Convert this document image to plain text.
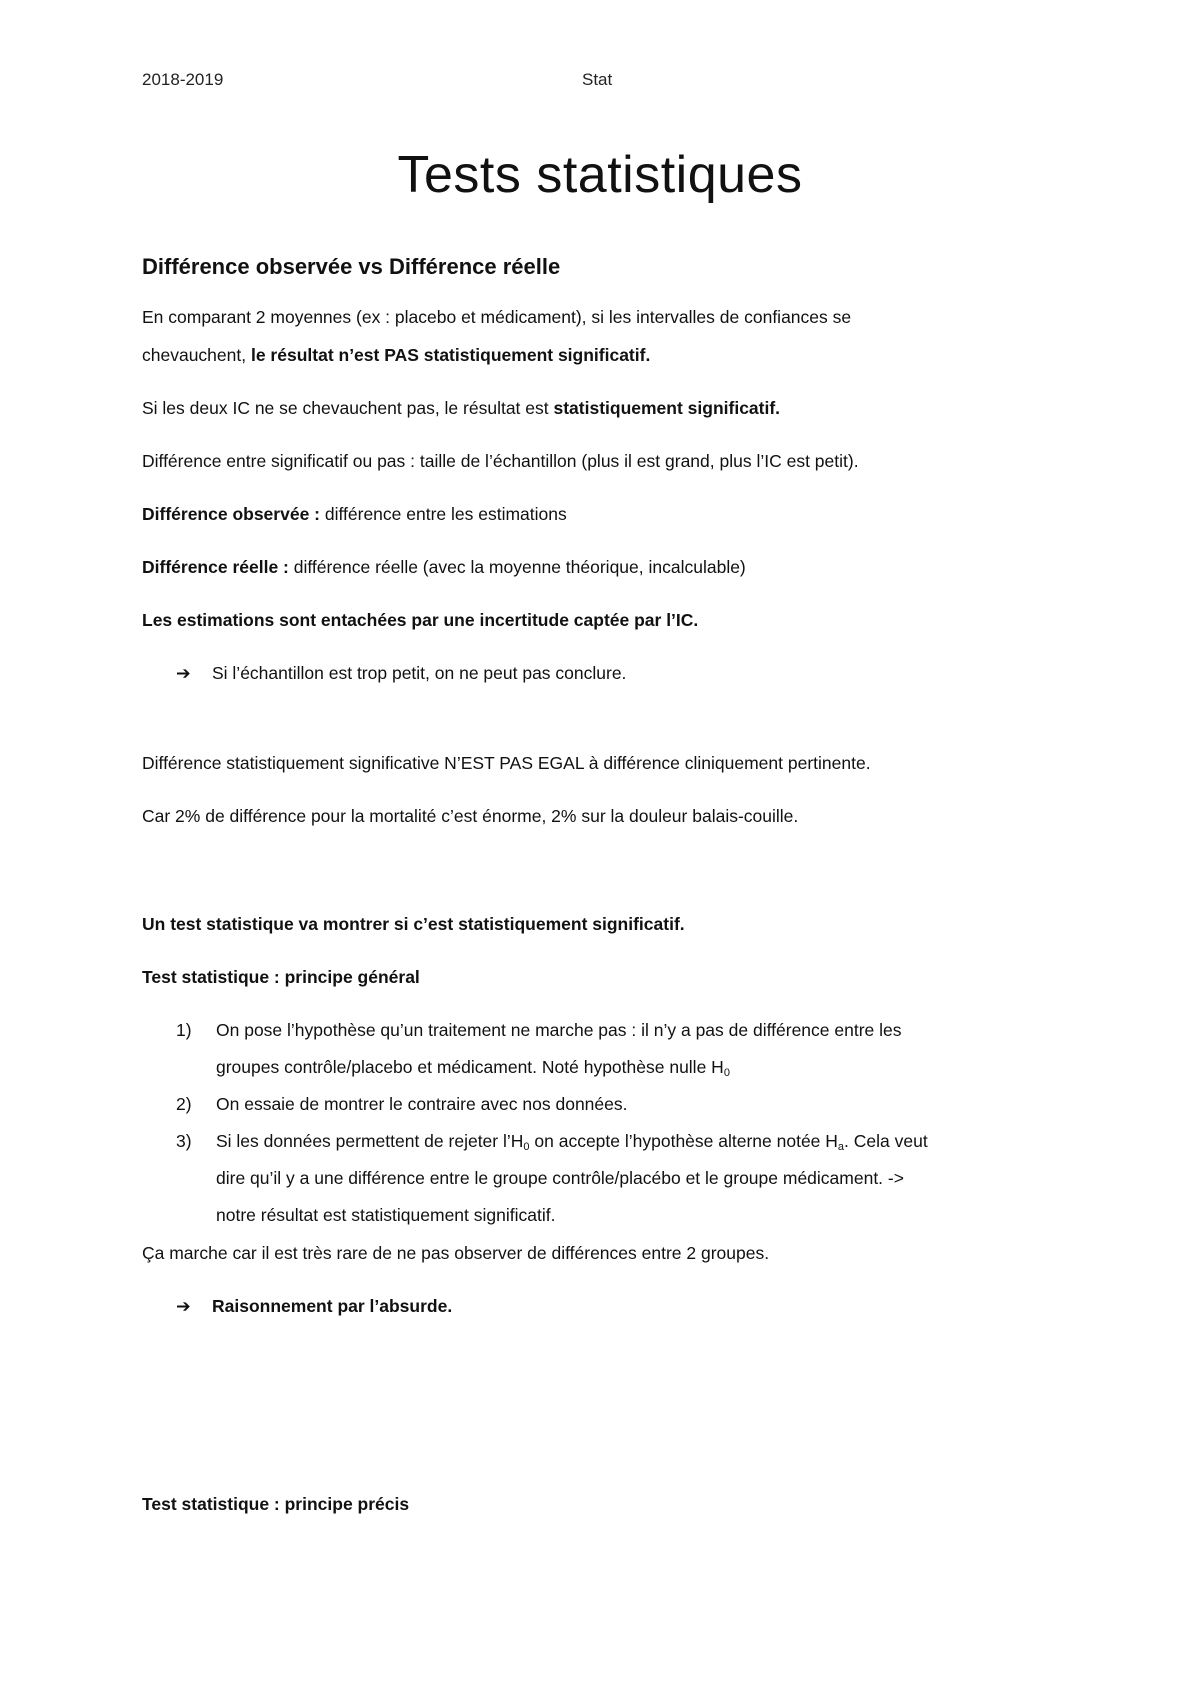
2018-2019	Stat
Tests statistiques

Différence observée vs Différence réelle

En comparant 2 moyennes (ex : placebo et médicament), si les intervalles de confiances se

chevauchent, le résultat n’est PAS statistiquement significatif.

Si les deux IC ne se chevauchent pas, le résultat est statistiquement significatif.

Différence entre significatif ou pas : taille de l’échantillon (plus il est grand, plus l’IC est petit).

Différence observée : différence entre les estimations

Différence réelle : différence réelle (avec la moyenne théorique, incalculable)

Les estimations sont entachées par une incertitude captée par l’IC.

➔ Si l’échantillon est trop petit, on ne peut pas conclure.

Différence statistiquement significative N’EST PAS EGAL à différence cliniquement pertinente.

Car 2% de différence pour la mortalité c’est énorme, 2% sur la douleur balais-couille.

Un test statistique va montrer si c’est statistiquement significatif.

Test statistique : principe général

1) On pose l’hypothèse qu’un traitement ne marche pas : il n’y a pas de différence entre les
groupes contrôle/placebo et médicament. Noté hypothèse nulle $H_0$
2) On essaie de montrer le contraire avec nos données.
3) Si les données permettent de rejeter $l’H_0$ on accepte l’hypothèse alterne notée $H_a$. Cela veut
dire qu’il y a une différence entre le groupe contrôle/placébo et le groupe médicament. ->
notre résultat est statistiquement significatif.

Ça marche car il est très rare de ne pas observer de différences entre 2 groupes.

➔ Raisonnement par l’absurde.

Test statistique : principe précis
